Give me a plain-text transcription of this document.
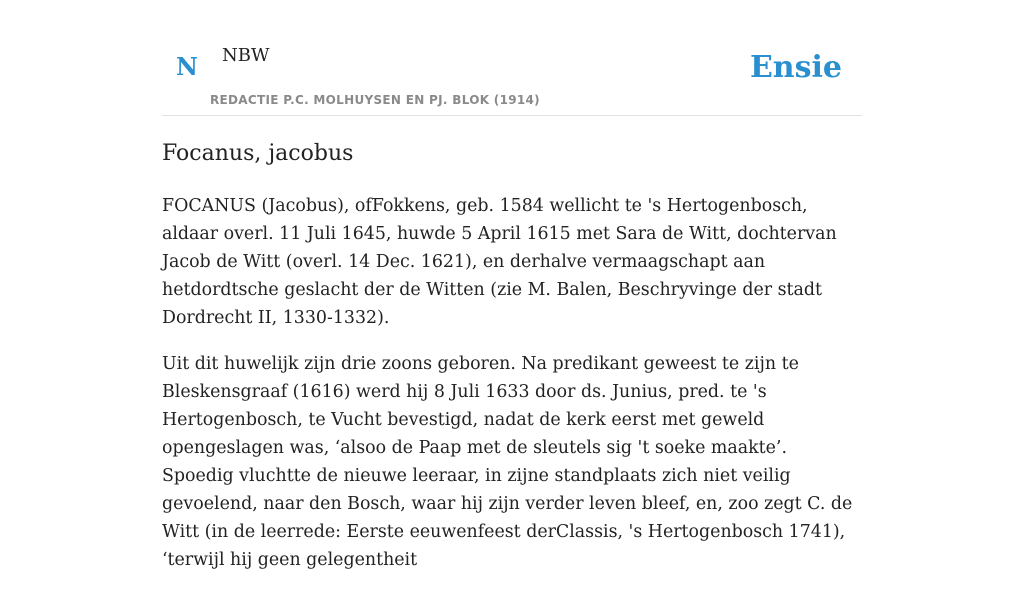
N NBW
REDACTIE P.C. MOLHUYSEN EN PJ. BLOK (1914)
Ensie
Focanus, jacobus

FOCANUS (Jacobus), ofFokkens, geb. 1584 wellicht te 's Hertogenbosch, aldaar overl. 11 Juli 1645, huwde 5 April 1615 met Sara de Witt, dochtervan Jacob de Witt (overl. 14 Dec. 1621), en derhalve vermaagschapt aan hetdordtsche geslacht der de Witten (zie M. Balen, Beschryvinge der stadt Dordrecht II, 1330-1332).

Uit dit huwelijk zijn drie zoons geboren. Na predikant geweest te zijn te Bleskensgraaf (1616) werd hij 8 Juli 1633 door ds. Junius, pred. te 's Hertogenbosch, te Vucht bevestigd, nadat de kerk eerst met geweld opengeslagen was, ‘alsoo de Paap met de sleutels sig 't soeke maakte’. Spoedig vluchtte de nieuwe leeraar, in zijne standplaats zich niet veilig gevoelend, naar den Bosch, waar hij zijn verder leven bleef, en, zoo zegt C. de Witt (in de leerrede: Eerste eeuwenfeest derClassis, 's Hertogenbosch 1741), ‘terwijl hij geen gelegentheit
